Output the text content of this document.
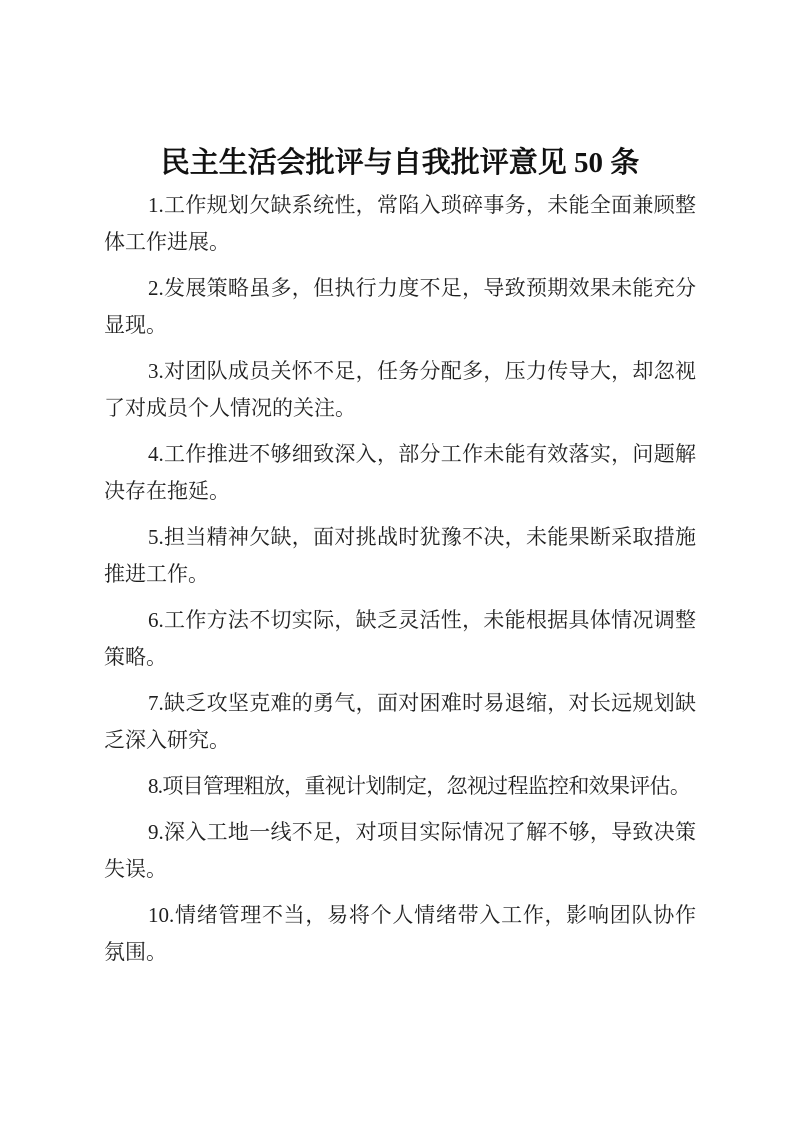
民主生活会批评与自我批评意见 50 条
1.工作规划欠缺系统性，常陷入琐碎事务，未能全面兼顾整
体工作进展。
2.发展策略虽多，但执行力度不足，导致预期效果未能充分
显现。
3.对团队成员关怀不足，任务分配多，压力传导大，却忽视
了对成员个人情况的关注。
4.工作推进不够细致深入，部分工作未能有效落实，问题解
决存在拖延。
5.担当精神欠缺，面对挑战时犹豫不决，未能果断采取措施
推进工作。
6.工作方法不切实际，缺乏灵活性，未能根据具体情况调整
策略。
7.缺乏攻坚克难的勇气，面对困难时易退缩，对长远规划缺
乏深入研究。
8.项目管理粗放，重视计划制定，忽视过程监控和效果评估。
9.深入工地一线不足，对项目实际情况了解不够，导致决策
失误。
10.情绪管理不当，易将个人情绪带入工作，影响团队协作
氛围。
